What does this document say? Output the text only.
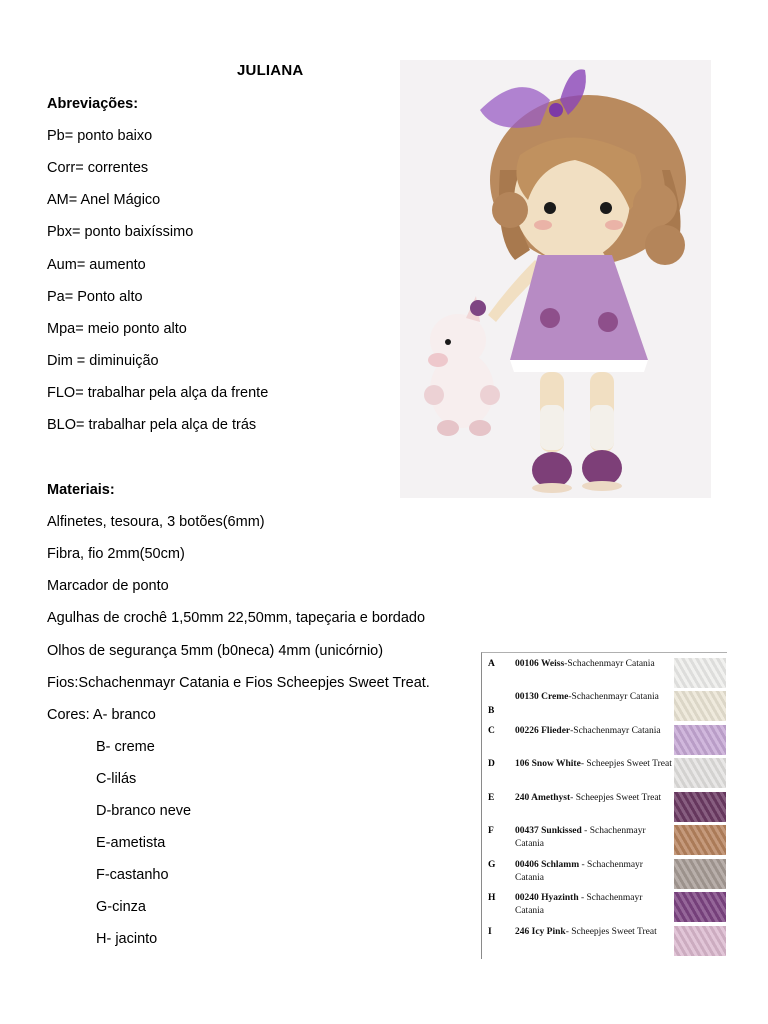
JULIANA
Abreviações:
Pb= ponto baixo
Corr= correntes
AM= Anel Mágico
Pbx= ponto baixíssimo
Aum= aumento
Pa= Ponto alto
Mpa= meio ponto alto
Dim = diminuição
FLO= trabalhar pela alça da frente
BLO= trabalhar pela alça de trás
Materiais:
Alfinetes, tesoura, 3 botões(6mm)
Fibra, fio 2mm(50cm)
Marcador de ponto
Agulhas de crochê 1,50mm 22,50mm, tapeçaria e bordado
Olhos de segurança 5mm (b0neca) 4mm (unicórnio)
Fios:Schachenmayr Catania e Fios Scheepjes Sweet Treat.
Cores: A- branco
B- creme
C-lilás
D-branco neve
E-ametista
F-castanho
G-cinza
H- jacinto
A 00106 Weiss-Schachenmayr Catania
B
00130 Creme-Schachenmayr Catania
C 00226 Flieder-Schachenmayr Catania
D 106 Snow White- Scheepjes Sweet Treat
E 240 Amethyst- Scheepjes Sweet Treat
F 00437 Sunkissed - Schachenmayr Catania
G 00406 Schlamm - Schachenmayr Catania
H 00240 Hyazinth - Schachenmayr Catania
I 246 Icy Pink- Scheepjes Sweet Treat
